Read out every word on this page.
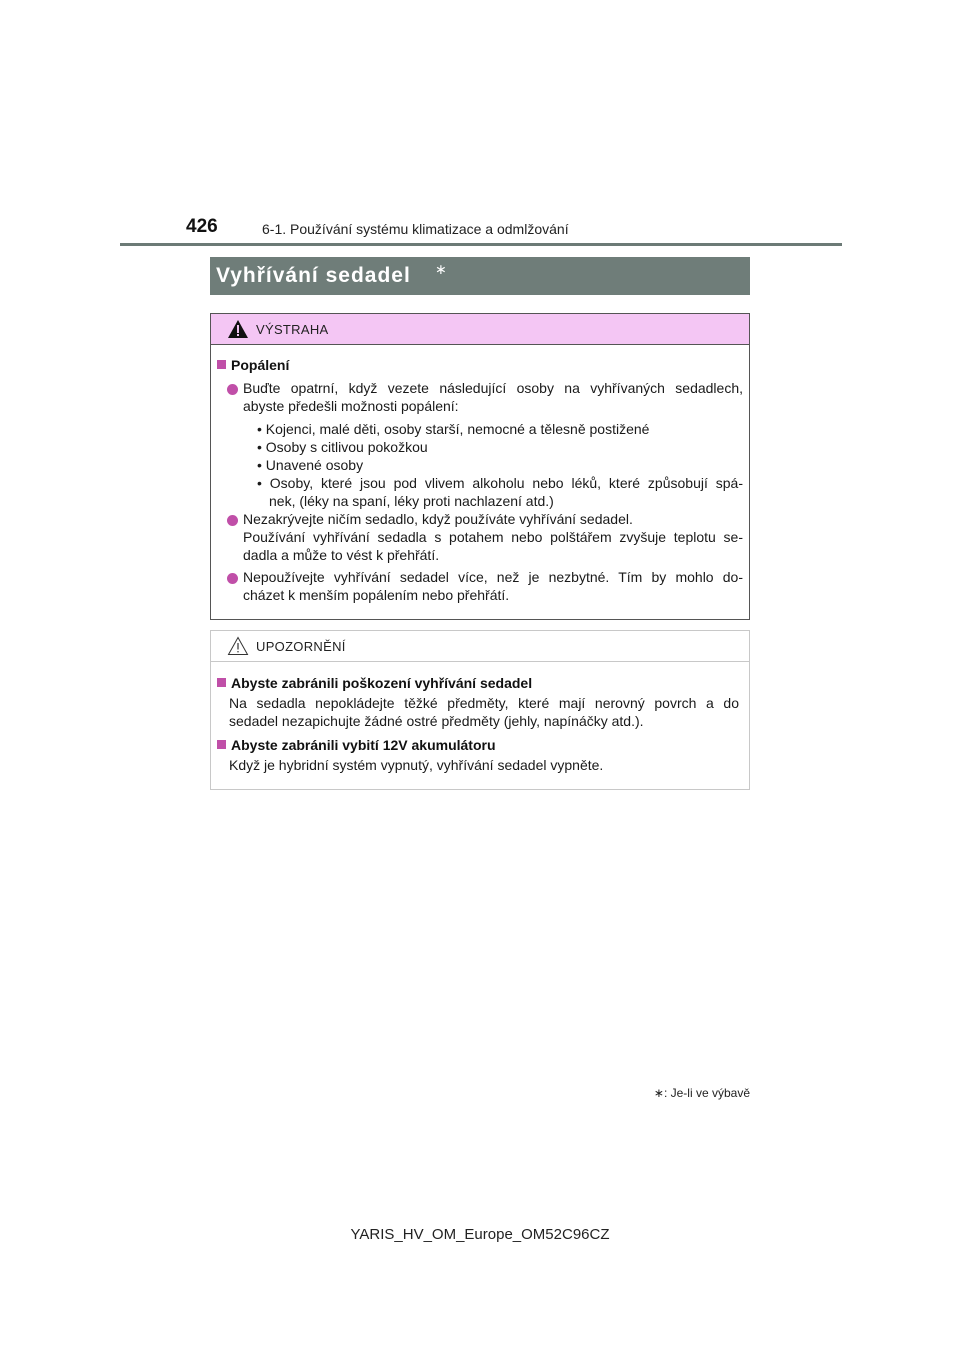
426	6-1. Používání systému klimatizace a odmlžování
Vyhřívání sedadel ∗
VÝSTRAHA
Popálení
Buďte opatrní, když vezete následující osoby na vyhřívaných sedadlech,
abyste předešli možnosti popálení:
• Kojenci, malé děti, osoby starší, nemocné a tělesně postižené
• Osoby s citlivou pokožkou
• Unavené osoby
• Osoby, které jsou pod vlivem alkoholu nebo léků, které způsobují spá-
nek, (léky na spaní, léky proti nachlazení atd.)
Nezakrývejte ničím sedadlo, když používáte vyhřívání sedadel.
Používání vyhřívání sedadla s potahem nebo polštářem zvyšuje teplotu se-
dadla a může to vést k přehřátí.
Nepoužívejte vyhřívání sedadel více, než je nezbytné. Tím by mohlo do-
cházet k menším popálením nebo přehřátí.
UPOZORNĚNÍ
Abyste zabránili poškození vyhřívání sedadel
Na sedadla nepokládejte těžké předměty, které mají nerovný povrch a do
sedadel nezapichujte žádné ostré předměty (jehly, napínáčky atd.).
Abyste zabránili vybití 12V akumulátoru
Když je hybridní systém vypnutý, vyhřívání sedadel vypněte.
∗: Je-li ve výbavě
YARIS_HV_OM_Europe_OM52C96CZ
